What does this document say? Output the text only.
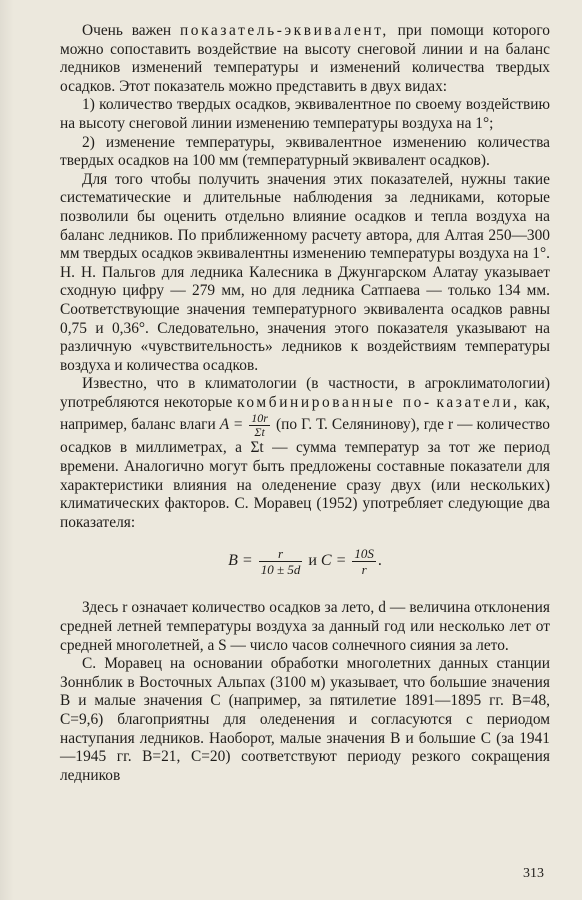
Очень важен показатель-эквивалент, при помощи которого можно сопоставить воздействие на высоту снеговой линии и на баланс ледников изменений температуры и изменений количества твердых осадков. Этот показатель можно представить в двух видах:

1) количество твердых осадков, эквивалентное по своему воздействию на высоту снеговой линии изменению температуры воздуха на 1°;

2) изменение температуры, эквивалентное изменению количества твердых осадков на 100 мм (температурный эквивалент осадков).

Для того чтобы получить значения этих показателей, нужны такие систематические и длительные наблюдения за ледниками, которые позволили бы оценить отдельно влияние осадков и тепла воздуха на баланс ледников. По приближенному расчету автора, для Алтая 250—300 мм твердых осадков эквивалентны изменению температуры воздуха на 1°. Н. Н. Пальгов для ледника Калесника в Джунгарском Алатау указывает сходную цифру — 279 мм, но для ледника Сатпаева — только 134 мм. Соответствующие значения температурного эквивалента осадков равны 0,75 и 0,36°. Следовательно, значения этого показателя указывают на различную «чувствительность» ледников к воздействиям температуры воздуха и количества осадков.

Известно, что в климатологии (в частности, в агроклиматологии) употребляются некоторые комбинированные по- казатели, как, например, баланс влаги $A = \frac{10r}{\Sigma t} (по$ Г. Т. Селянинову), где r — количество осадков в миллиметрах, а Σt — сумма температур за тот же период времени. Аналогично могут быть предложены составные показатели для характеристики влияния на оледенение сразу двух (или нескольких) климатических факторов. С. Моравец (1952) употребляет следующие два показателя:

$B = \frac{r}{10 \pm 5d}$ и $C = \frac{10S}{r}$ .

Здесь r означает количество осадков за лето, d — величина отклонения средней летней температуры воздуха за данный год или несколько лет от средней многолетней, а S — число часов солнечного сияния за лето.

С. Моравец на основании обработки многолетних данных станции Зоннблик в Восточных Альпах (3100 м) указывает, что большие значения B и малые значения C (например, за пятилетие 1891—1895 гг. B=48, C=9,6) благоприятны для оледенения и согласуются с периодом наступания ледников. Наоборот, малые значения B и большие C (за 1941—1945 гг. B=21, C=20) соответствуют периоду резкого сокращения ледников

313
